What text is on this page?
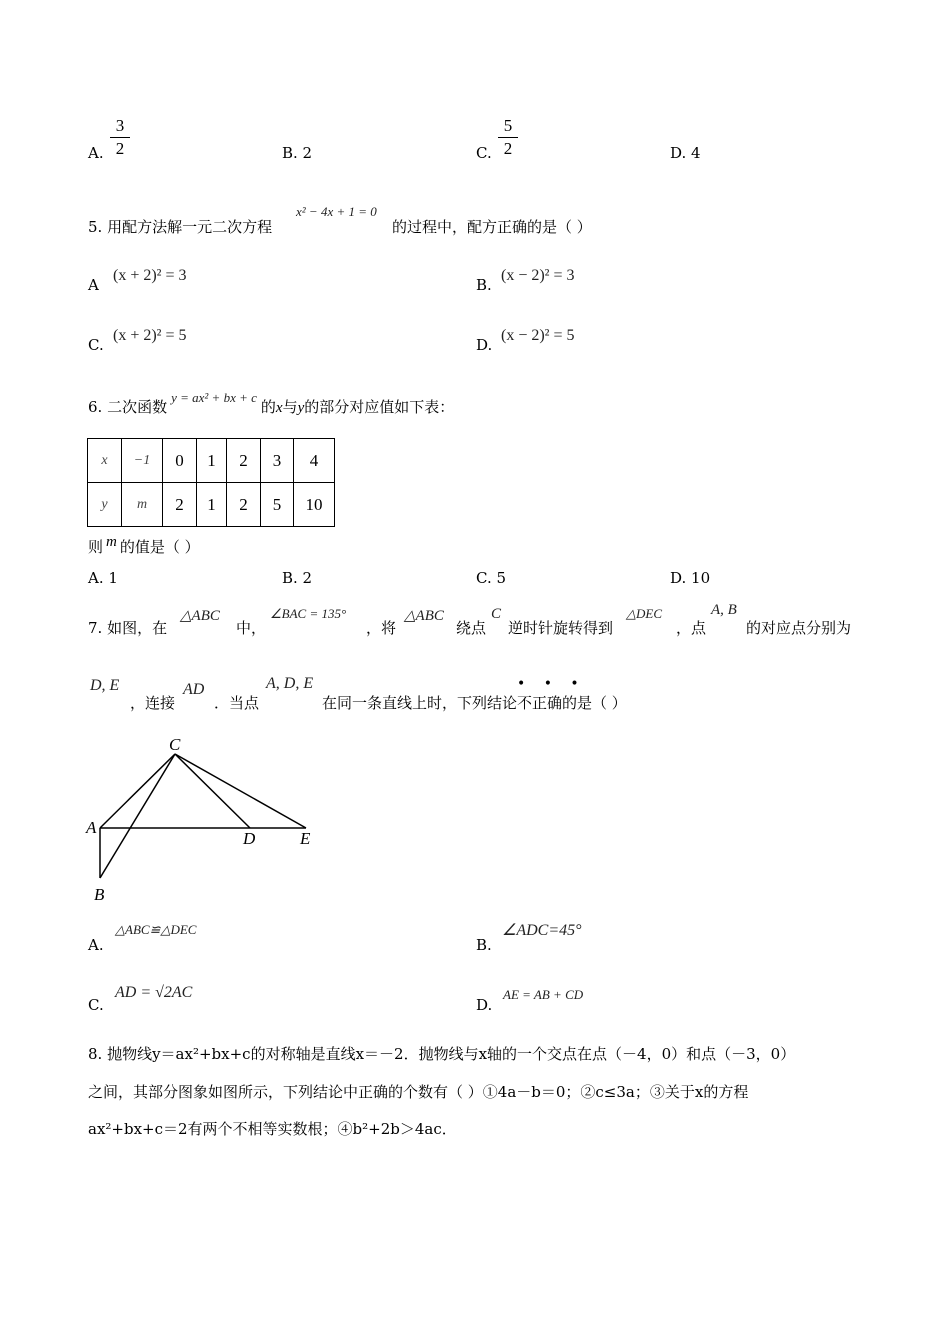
A.
3
2	B. 2	C.
5
2	D. 4
5. 用配方法解一元二次方程
x² − 4x + 1 = 0
的过程中，配方正确的是（ ）
A
(x + 2)² = 3
B.
(x − 2)² = 3
C.
(x + 2)² = 5
D.
(x − 2)² = 5
6. 二次函数y = ax² + bx + c的x与y的部分对应值如下表：
x	−1	0	1	2	3	4
y	m	2	1	2	5	10
则 m 的值是（ ）
A. 1	B. 2	C. 5	D. 10
7. 如图，在
△ABC
中，
∠BAC = 135°
，将
△ABC
绕点
C
逆时针旋转得到
△DEC
，点
A, B
的对应点分别为
D, E
，连接
AD
．当点
A, D, E
在同一条直线上时，下列结论不正确的是（ ）
• • •
C
A
D	E
B
A.
△ABC≌△DEC
B.
∠ADC=45°
C.
AD = √2AC
D.
AE = AB + CD
8. 抛物线y＝ax²+bx+c的对称轴是直线x＝－2．抛物线与x轴的一个交点在点（－4，0）和点（－3，0）
之间，其部分图象如图所示，下列结论中正确的个数有（ ）①4a－b＝0；②c≤3a；③关于x的方程
ax²+bx+c＝2有两个不相等实数根；④b²+2b＞4ac．
